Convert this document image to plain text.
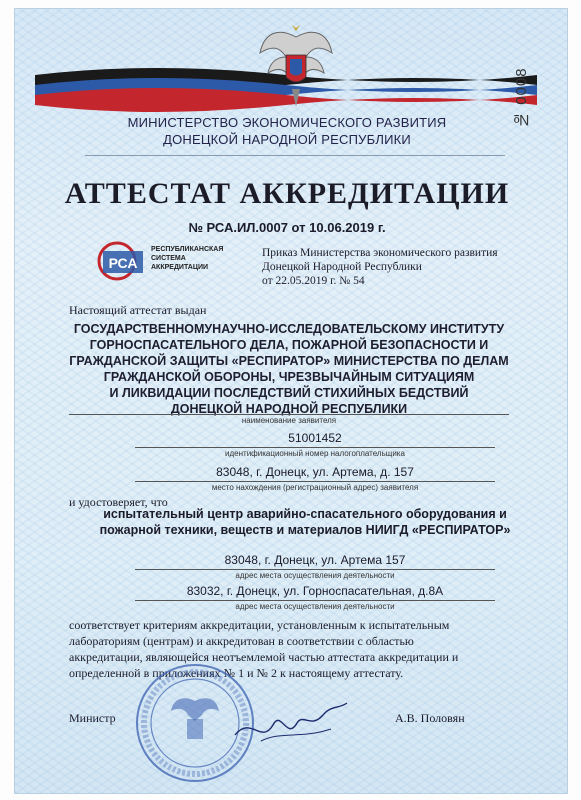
№ 0008
МИНИСТЕРСТВО ЭКОНОМИЧЕСКОГО РАЗВИТИЯ
ДОНЕЦКОЙ НАРОДНОЙ РЕСПУБЛИКИ
АТТЕСТАТ АККРЕДИТАЦИИ
№ РСА.ИЛ.0007 от 10.06.2019 г.
РСА
РЕСПУБЛИКАНСКАЯ
СИСТЕМА
АККРЕДИТАЦИИ
Приказ Министерства экономического развития
Донецкой Народной Республики
от 22.05.2019 г. № 54
Настоящий аттестат выдан
ГОСУДАРСТВЕННОМУНАУЧНО-ИССЛЕДОВАТЕЛЬСКОМУ ИНСТИТУТУ
ГОРНОСПАСАТЕЛЬНОГО ДЕЛА, ПОЖАРНОЙ БЕЗОПАСНОСТИ И
ГРАЖДАНСКОЙ ЗАЩИТЫ «РЕСПИРАТОР» МИНИСТЕРСТВА ПО ДЕЛАМ
ГРАЖДАНСКОЙ ОБОРОНЫ, ЧРЕЗВЫЧАЙНЫМ СИТУАЦИЯМ
И ЛИКВИДАЦИИ ПОСЛЕДСТВИЙ СТИХИЙНЫХ БЕДСТВИЙ
ДОНЕЦКОЙ НАРОДНОЙ РЕСПУБЛИКИ
наименование заявителя
51001452
идентификационный номер налогоплательщика
83048, г. Донецк, ул. Артема, д. 157
место нахождения (регистрационный адрес) заявителя
и удостоверяет, что
испытательный центр аварийно-спасательного оборудования и
пожарной техники, веществ и материалов НИИГД «РЕСПИРАТОР»
83048, г. Донецк, ул. Артема 157
адрес места осуществления деятельности
83032, г. Донецк, ул. Горноспасательная, д.8А
адрес места осуществления деятельности
соответствует критериям аккредитации, установленным к испытательным
лабораториям (центрам) и аккредитован в соответствии с областью
аккредитации, являющейся неотъемлемой частью аттестата аккредитации и
определенной в приложениях № 1 и № 2 к настоящему аттестату.
Министр	А.В. Половян
